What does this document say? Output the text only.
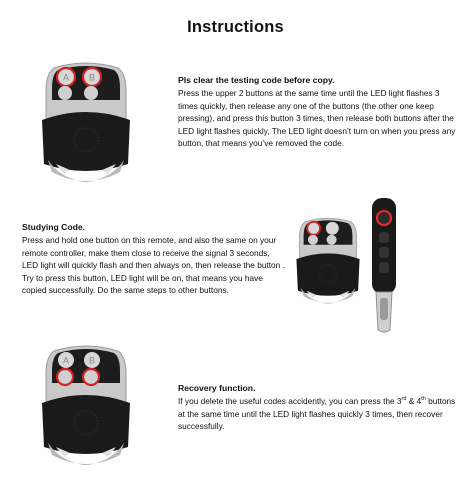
Instructions
A B	Pls clear the testing code before copy.

Press the upper 2 buttons at the same time until the LED light flashes 3 times quickly, then release any one of the buttons (the other one keep pressing), and press this button 3 times, then release both buttons after the LED light flashes quickly, The LED light doesn’t turn on when you press any button, that means you’ve removed the code.

Studying Code.

Press and hold one button on this remote, and also the same on your remote controller, make them close to receive the signal 3 seconds, LED light will quickly flash and then always on, then release the button . Try to press this button, LED light will be on, that means you have copied successfully. Do the same steps to other buttons.

A B
Recovery function.

If you delete the useful codes accidently, you can press the 3rd & 4th buttons at the same time until the LED light flashes quickly 3 times, then recover successfully.
